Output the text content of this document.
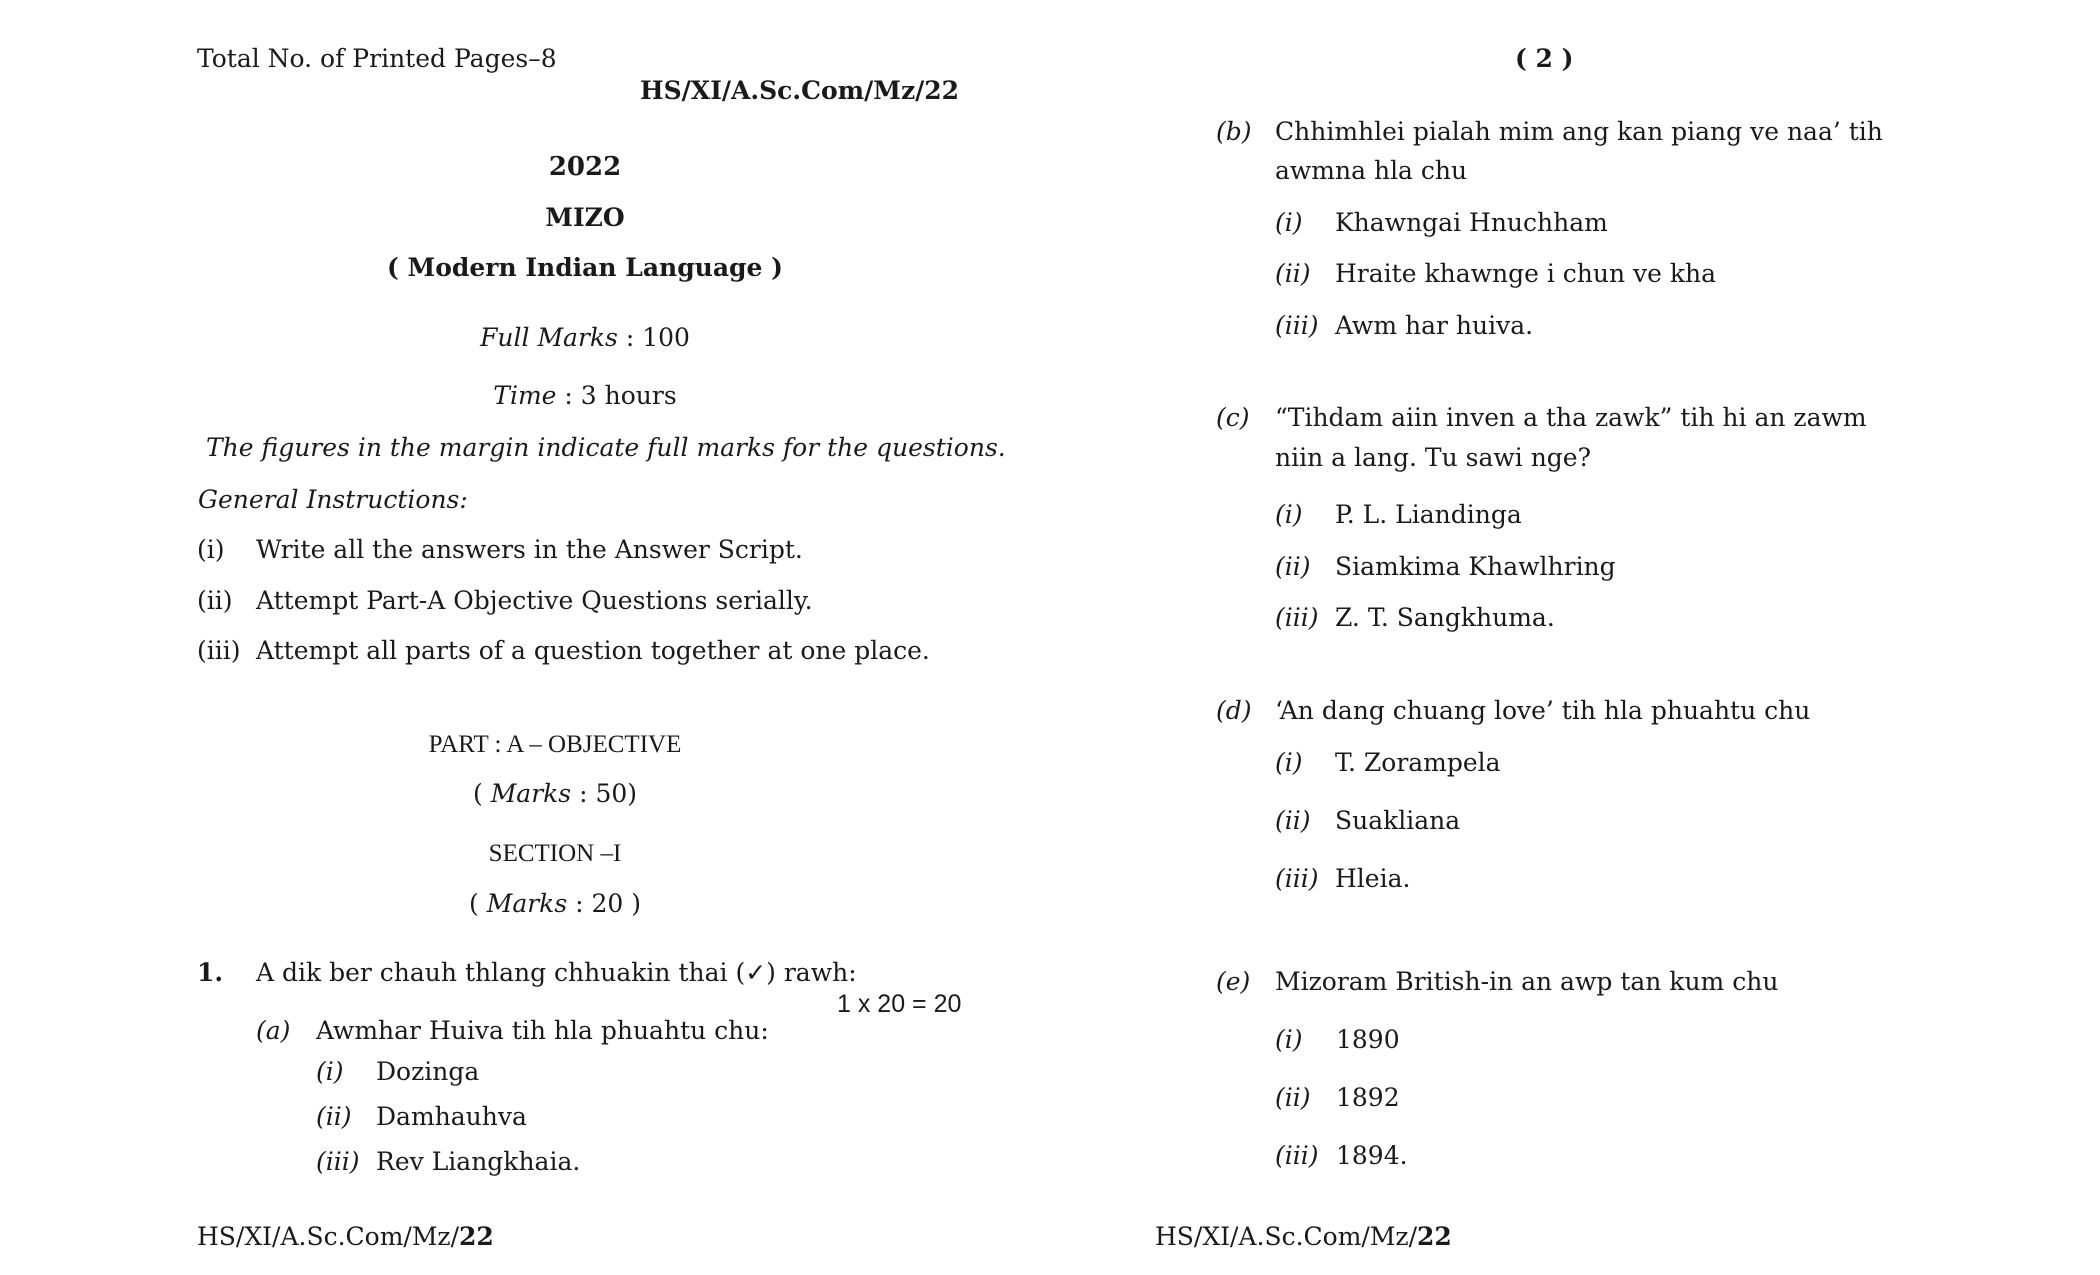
Total No. of Printed Pages–8
HS/XI/A.Sc.Com/Mz/22
2022
MIZO
( Modern Indian Language )
Full Marks : 100
Time : 3 hours
The figures in the margin indicate full marks for the questions.
General Instructions:
(i) Write all the answers in the Answer Script.
(ii) Attempt Part-A Objective Questions serially.
(iii) Attempt all parts of a question together at one place.
PART : A – OBJECTIVE
( Marks : 50)
SECTION –I
( Marks : 20 )
1. A dik ber chauh thlang chhuakin thai (✓) rawh:
1 x 20 = 20
(a) Awmhar Huiva tih hla phuahtu chu:
(i) Dozinga
(ii) Damhauhva
(iii) Rev Liangkhaia.
HS/XI/A.Sc.Com/Mz/22
( 2 )
(b) Chhimhlei pialah mim ang kan piang ve naa’ tih
awmna hla chu
(i) Khawngai Hnuchham
(ii) Hraite khawnge i chun ve kha
(iii) Awm har huiva.
(c) “Tihdam aiin inven a tha zawk” tih hi an zawm
niin a lang. Tu sawi nge?
(i) P. L. Liandinga
(ii) Siamkima Khawlhring
(iii) Z. T. Sangkhuma.
(d) ‘An dang chuang love’ tih hla phuahtu chu
(i) T. Zorampela
(ii) Suakliana
(iii) Hleia.
(e) Mizoram British-in an awp tan kum chu
(i) 1890
(ii) 1892
(iii) 1894.
HS/XI/A.Sc.Com/Mz/22
